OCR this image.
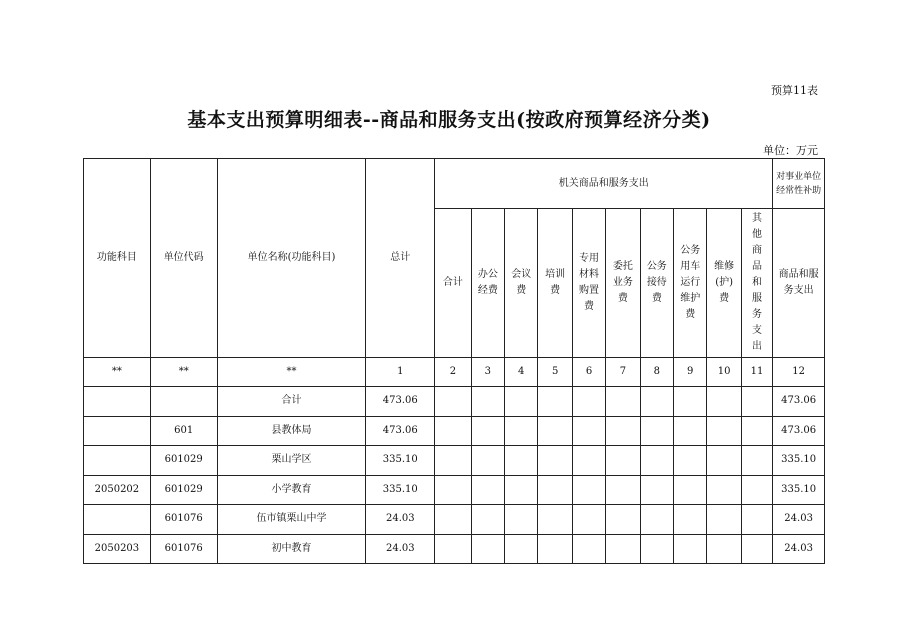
预算11表
基本支出预算明细表--商品和服务支出(按政府预算经济分类)
单位：万元
功能科目	单位代码	单位名称(功能科目)	总计	机关商品和服务支出										对事业单位经常性补助
				合计	办公经费	会议费	培训费	专用材料购置费	委托业务费	公务接待费	公务用车运行维护费	维修(护)费	其他商品和服务支出	商品和服务支出
**	**	**	1	2	3	4	5	6	7	8	9	10	11	12
		合计	473.06											473.06
	601	县教体局	473.06											473.06
	601029	栗山学区	335.10											335.10
2050202	601029	小学教育	335.10											335.10
	601076	伍市镇栗山中学	24.03											24.03
2050203	601076	初中教育	24.03											24.03
